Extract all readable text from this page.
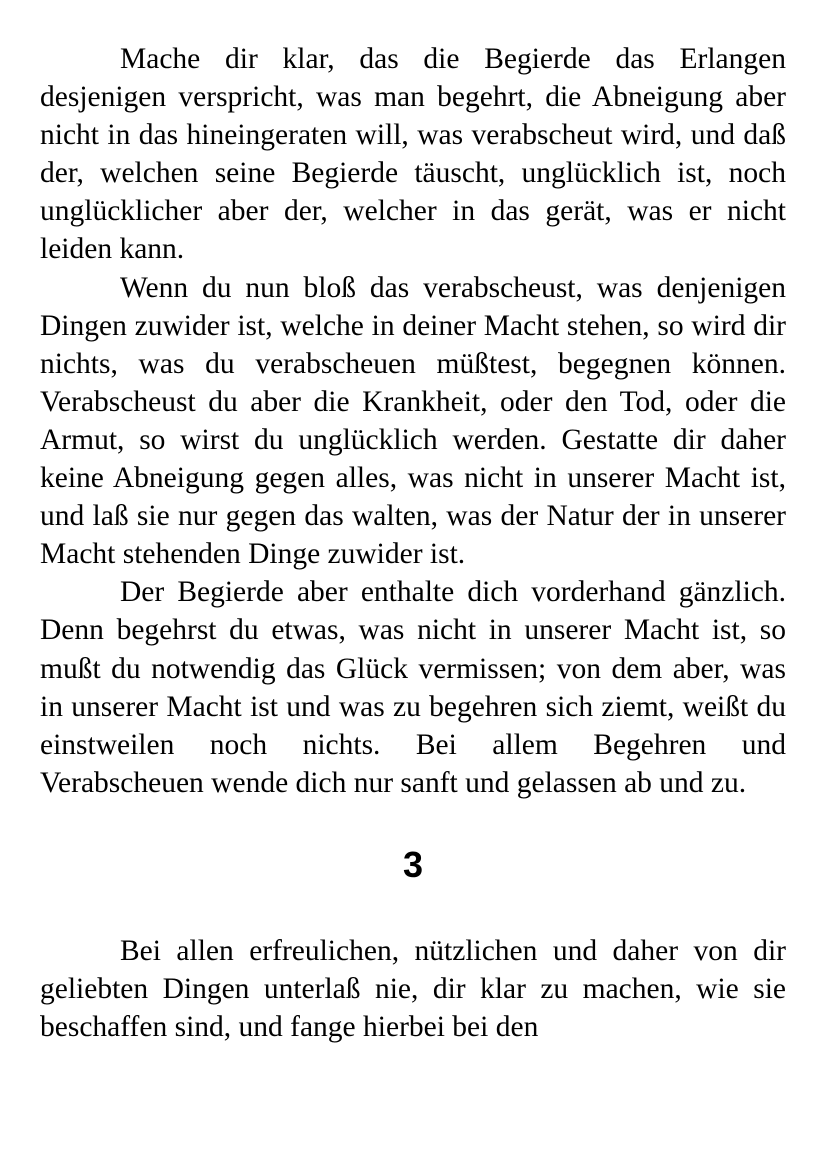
Mache dir klar, das die Begierde das Erlangen desjenigen verspricht, was man begehrt, die Abneigung aber nicht in das hineingeraten will, was verabscheut wird, und daß der, welchen seine Begierde täuscht, unglücklich ist, noch unglücklicher aber der, welcher in das gerät, was er nicht leiden kann.

Wenn du nun bloß das verabscheust, was denjenigen Dingen zuwider ist, welche in deiner Macht stehen, so wird dir nichts, was du verabscheuen müßtest, begegnen können. Verabscheust du aber die Krankheit, oder den Tod, oder die Armut, so wirst du unglücklich werden. Gestatte dir daher keine Abneigung gegen alles, was nicht in unserer Macht ist, und laß sie nur gegen das walten, was der Natur der in unserer Macht stehenden Dinge zuwider ist.

Der Begierde aber enthalte dich vorderhand gänzlich. Denn begehrst du etwas, was nicht in unserer Macht ist, so mußt du notwendig das Glück vermissen; von dem aber, was in unserer Macht ist und was zu begehren sich ziemt, weißt du einstweilen noch nichts. Bei allem Begehren und Verabscheuen wende dich nur sanft und gelassen ab und zu.

3

Bei allen erfreulichen, nützlichen und daher von dir geliebten Dingen unterlaß nie, dir klar zu machen, wie sie beschaffen sind, und fange hierbei bei den
